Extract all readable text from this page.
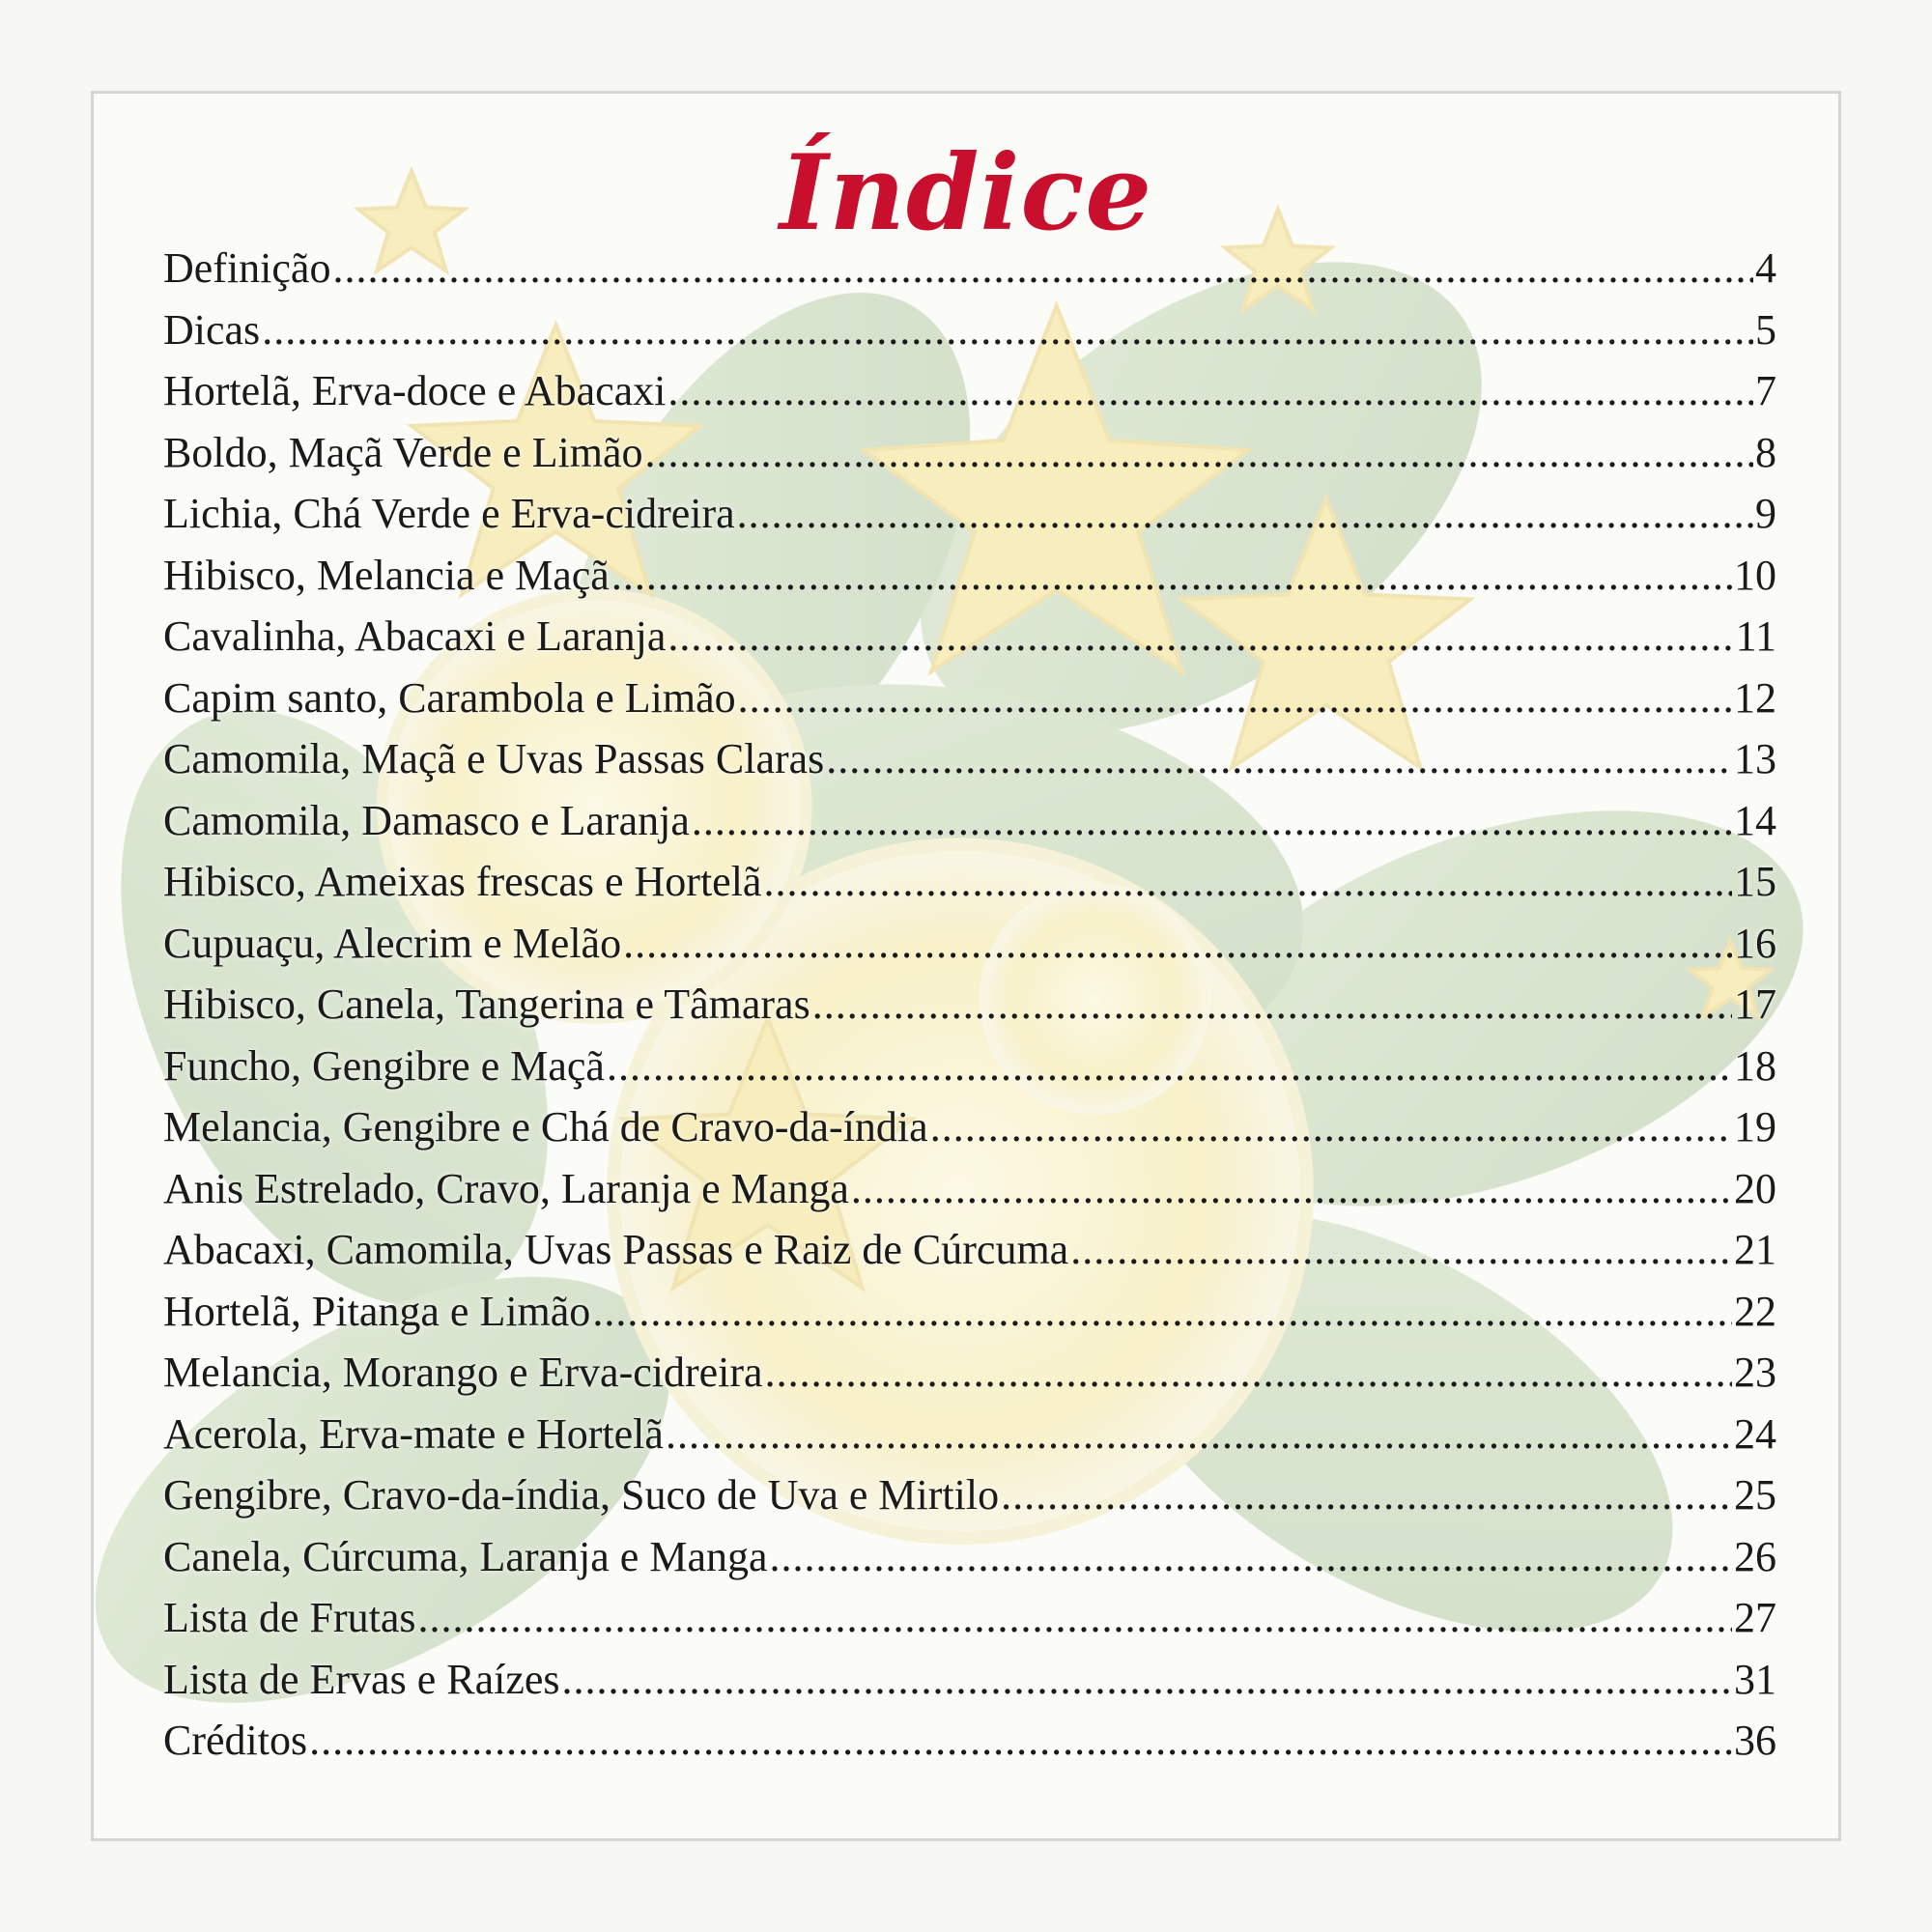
Índice
Definição .....	4
Dicas .....	5
Hortelã, Erva-doce e Abacaxi .....	7
Boldo, Maçã Verde e Limão .....	8
Lichia, Chá Verde e Erva-cidreira .....	9
Hibisco, Melancia e Maçã .....	10
Cavalinha, Abacaxi e Laranja .....	11
Capim santo, Carambola e Limão .....	12
Camomila, Maçã e Uvas Passas Claras .....	13
Camomila, Damasco e Laranja .....	14
Hibisco, Ameixas frescas e Hortelã .....	15
Cupuaçu, Alecrim e Melão .....	16
Hibisco, Canela, Tangerina e Tâmaras .....	17
Funcho, Gengibre e Maçã .....	18
Melancia, Gengibre e Chá de Cravo-da-índia .....	19
Anis Estrelado, Cravo, Laranja e Manga .....	20
Abacaxi, Camomila, Uvas Passas e Raiz de Cúrcuma .....	21
Hortelã, Pitanga e Limão .....	22
Melancia, Morango e Erva-cidreira .....	23
Acerola, Erva-mate e Hortelã .....	24
Gengibre, Cravo-da-índia, Suco de Uva e Mirtilo .....	25
Canela, Cúrcuma, Laranja e Manga .....	26
Lista de Frutas .....	27
Lista de Ervas e Raízes .....	31
Créditos .....	36
